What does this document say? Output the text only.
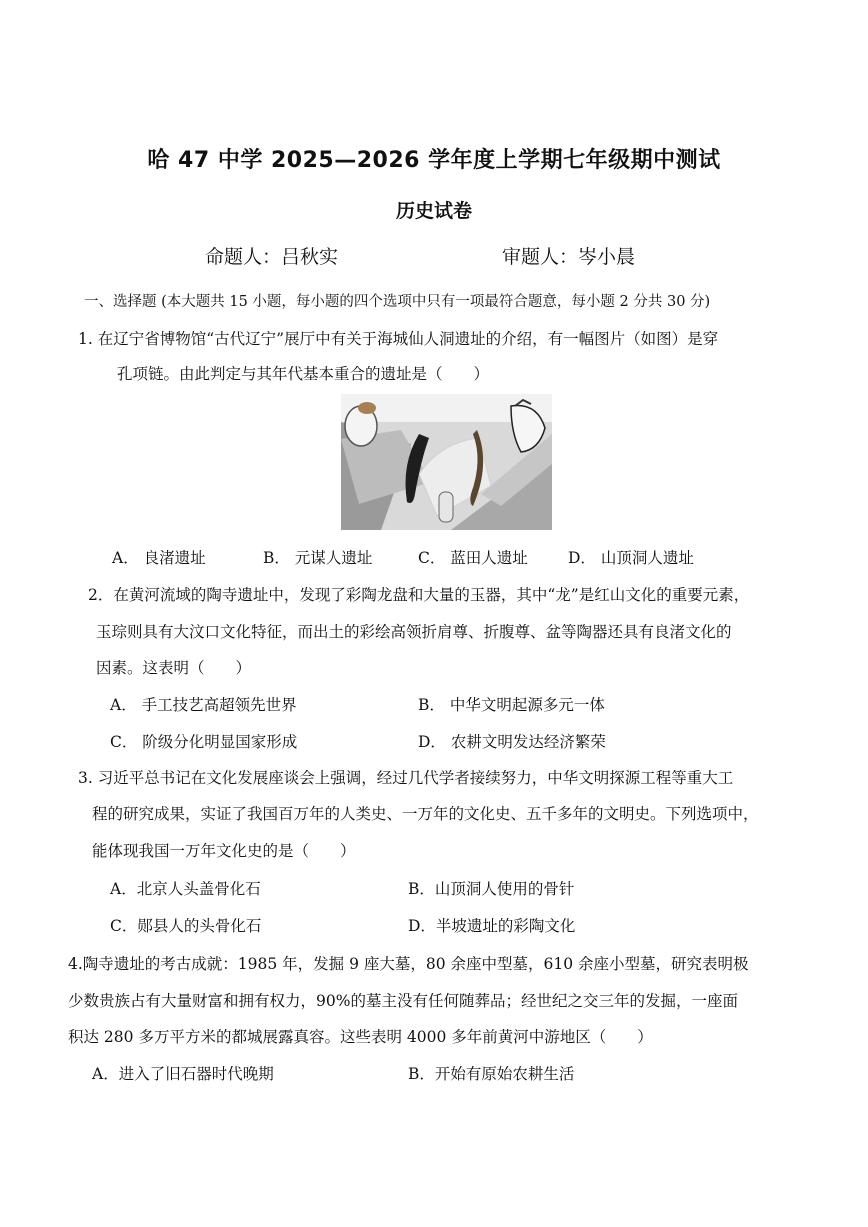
哈 47 中学 2025—2026 学年度上学期七年级期中测试
历史试卷
命题人：吕秋实	审题人：岑小晨
一、选择题 (本大题共 15 小题，每小题的四个选项中只有一项最符合题意，每小题 2 分共 30 分)
1. 在辽宁省博物馆“古代辽宁”展厅中有关于海城仙人洞遗址的介绍，有一幅图片（如图）是穿
孔项链。由此判定与其年代基本重合的遗址是（　　）
A． 良渚遗址	B． 元谋人遗址	C． 蓝田人遗址	D． 山顶洞人遗址
2．在黄河流域的陶寺遗址中，发现了彩陶龙盘和大量的玉器，其中“龙”是红山文化的重要元素，
玉琮则具有大汶口文化特征，而出土的彩绘高领折肩尊、折腹尊、盆等陶器还具有良渚文化的
因素。这表明（　　）
A． 手工技艺高超领先世界	B． 中华文明起源多元一体
C． 阶级分化明显国家形成	D． 农耕文明发达经济繁荣
3. 习近平总书记在文化发展座谈会上强调，经过几代学者接续努力，中华文明探源工程等重大工
程的研究成果，实证了我国百万年的人类史、一万年的文化史、五千多年的文明史。下列选项中，
能体现我国一万年文化史的是（　　）
A．北京人头盖骨化石	B．山顶洞人使用的骨针
C．郧县人的头骨化石	D．半坡遗址的彩陶文化
4.陶寺遗址的考古成就：1985 年，发掘 9 座大墓，80 余座中型墓，610 余座小型墓，研究表明极
少数贵族占有大量财富和拥有权力，90%的墓主没有任何随葬品；经世纪之交三年的发掘，一座面
积达 280 多万平方米的都城展露真容。这些表明 4000 多年前黄河中游地区（　　）
A．进入了旧石器时代晚期	B．开始有原始农耕生活
